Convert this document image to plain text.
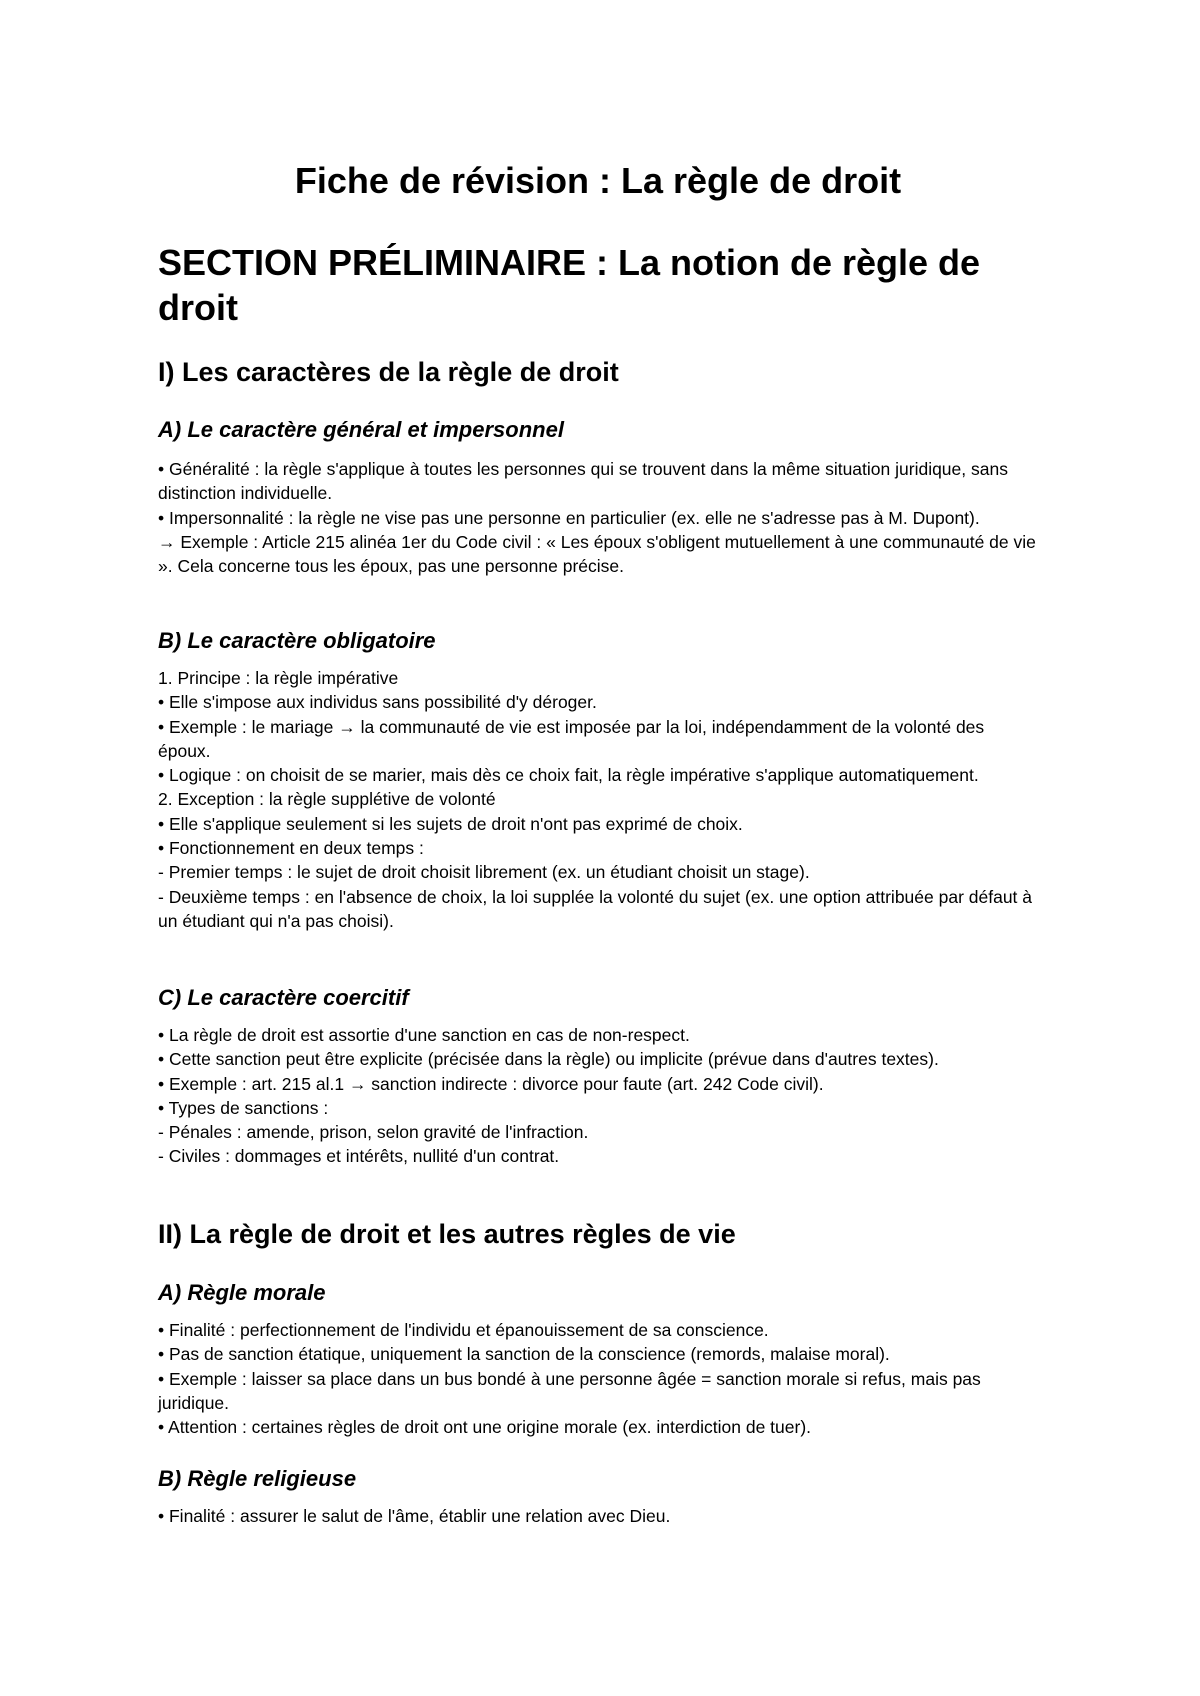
Fiche de révision : La règle de droit
SECTION PRÉLIMINAIRE : La notion de règle de droit
I) Les caractères de la règle de droit
A) Le caractère général et impersonnel
• Généralité : la règle s'applique à toutes les personnes qui se trouvent dans la même situation juridique, sans distinction individuelle.
• Impersonnalité : la règle ne vise pas une personne en particulier (ex. elle ne s'adresse pas à M. Dupont).
→ Exemple : Article 215 alinéa 1er du Code civil : « Les époux s'obligent mutuellement à une communauté de vie ». Cela concerne tous les époux, pas une personne précise.
B) Le caractère obligatoire
1. Principe : la règle impérative
• Elle s'impose aux individus sans possibilité d'y déroger.
• Exemple : le mariage → la communauté de vie est imposée par la loi, indépendamment de la volonté des époux.
• Logique : on choisit de se marier, mais dès ce choix fait, la règle impérative s'applique automatiquement.
2. Exception : la règle supplétive de volonté
• Elle s'applique seulement si les sujets de droit n'ont pas exprimé de choix.
• Fonctionnement en deux temps :
- Premier temps : le sujet de droit choisit librement (ex. un étudiant choisit un stage).
- Deuxième temps : en l'absence de choix, la loi supplée la volonté du sujet (ex. une option attribuée par défaut à un étudiant qui n'a pas choisi).
C) Le caractère coercitif
• La règle de droit est assortie d'une sanction en cas de non-respect.
• Cette sanction peut être explicite (précisée dans la règle) ou implicite (prévue dans d'autres textes).
• Exemple : art. 215 al.1 → sanction indirecte : divorce pour faute (art. 242 Code civil).
• Types de sanctions :
- Pénales : amende, prison, selon gravité de l'infraction.
- Civiles : dommages et intérêts, nullité d'un contrat.
II) La règle de droit et les autres règles de vie
A) Règle morale
• Finalité : perfectionnement de l'individu et épanouissement de sa conscience.
• Pas de sanction étatique, uniquement la sanction de la conscience (remords, malaise moral).
• Exemple : laisser sa place dans un bus bondé à une personne âgée = sanction morale si refus, mais pas juridique.
• Attention : certaines règles de droit ont une origine morale (ex. interdiction de tuer).
B) Règle religieuse
• Finalité : assurer le salut de l'âme, établir une relation avec Dieu.
